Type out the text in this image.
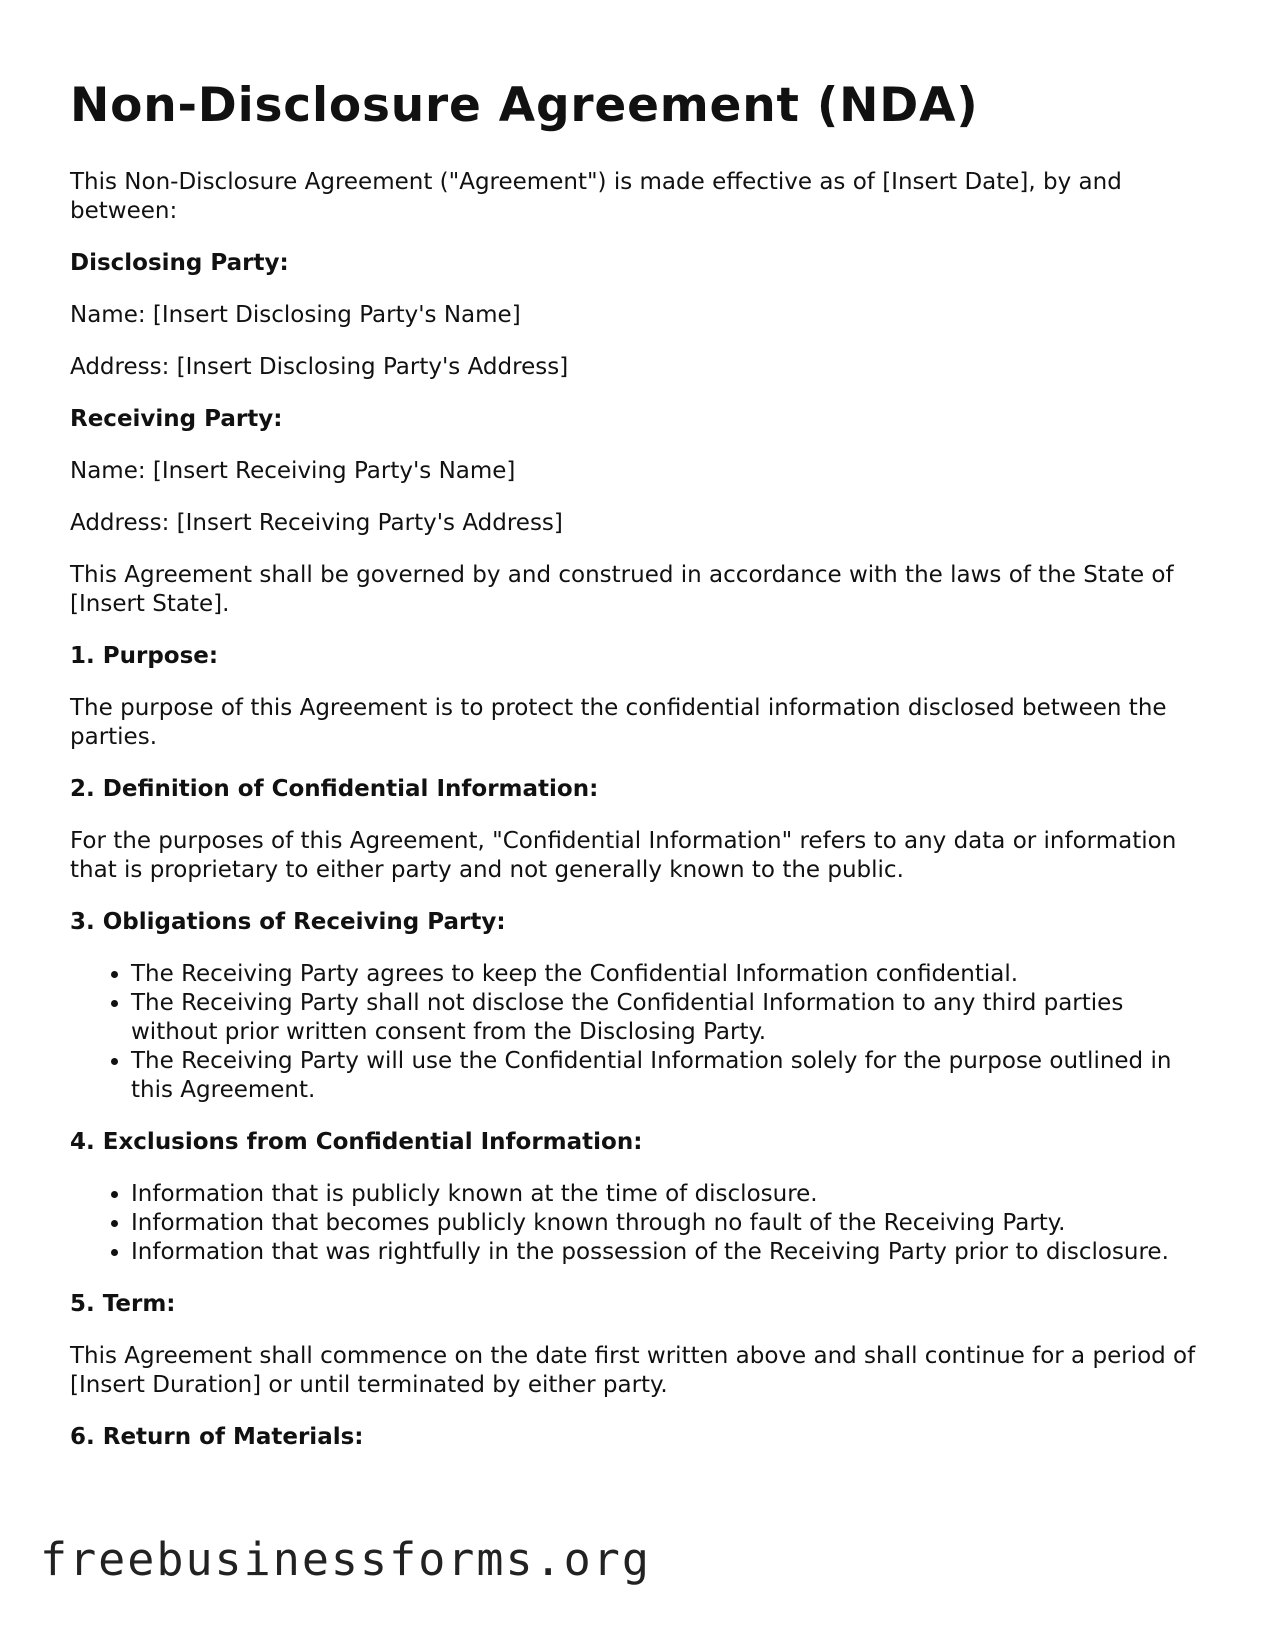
Non-Disclosure Agreement (NDA)

This Non-Disclosure Agreement ("Agreement") is made effective as of [Insert Date], by and between:

Disclosing Party:

Name: [Insert Disclosing Party's Name]

Address: [Insert Disclosing Party's Address]

Receiving Party:

Name: [Insert Receiving Party's Name]

Address: [Insert Receiving Party's Address]

This Agreement shall be governed by and construed in accordance with the laws of the State of [Insert State].

1. Purpose:

The purpose of this Agreement is to protect the confidential information disclosed between the parties.

2. Definition of Confidential Information:

For the purposes of this Agreement, "Confidential Information" refers to any data or information that is proprietary to either party and not generally known to the public.

3. Obligations of Receiving Party:
• The Receiving Party agrees to keep the Confidential Information confidential.
• The Receiving Party shall not disclose the Confidential Information to any third parties without prior written consent from the Disclosing Party.
• The Receiving Party will use the Confidential Information solely for the purpose outlined in this Agreement.
4. Exclusions from Confidential Information:
• Information that is publicly known at the time of disclosure.
• Information that becomes publicly known through no fault of the Receiving Party.
• Information that was rightfully in the possession of the Receiving Party prior to disclosure.
5. Term:

This Agreement shall commence on the date first written above and shall continue for a period of [Insert Duration] or until terminated by either party.

6. Return of Materials:
freebusinessforms.org
